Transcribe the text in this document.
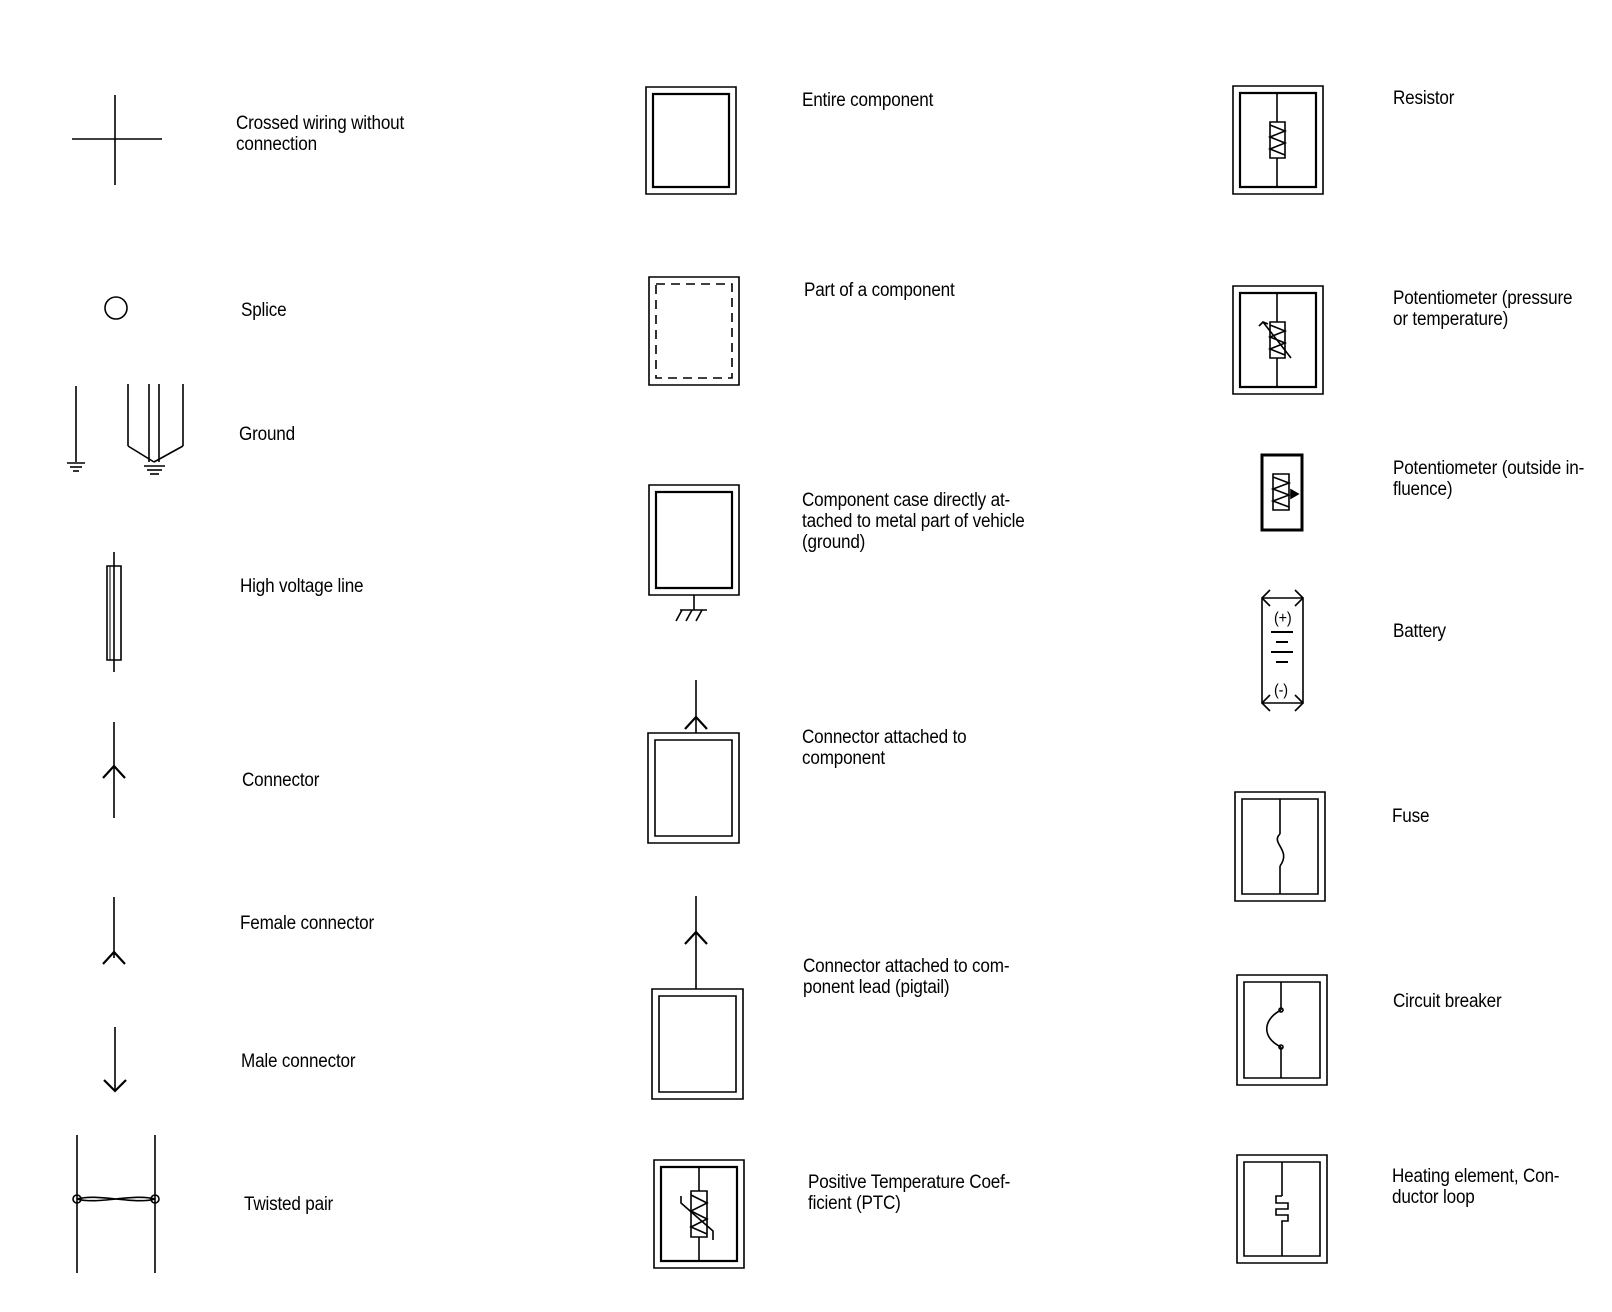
Crossed wiring without
connection
Splice
Ground
High voltage line
Connector
Female connector
Male connector
Twisted pair
Entire component
Part of a component
Component case directly at-
tached to metal part of vehicle
(ground)
Connector attached to
component
Connector attached to com-
ponent lead (pigtail)
Positive Temperature Coef-
ficient (PTC)
Resistor
Potentiometer (pressure
or temperature)
Potentiometer (outside in-
fluence)
Battery
Fuse
Circuit breaker
Heating element, Con-
ductor loop
(+)
(-)
